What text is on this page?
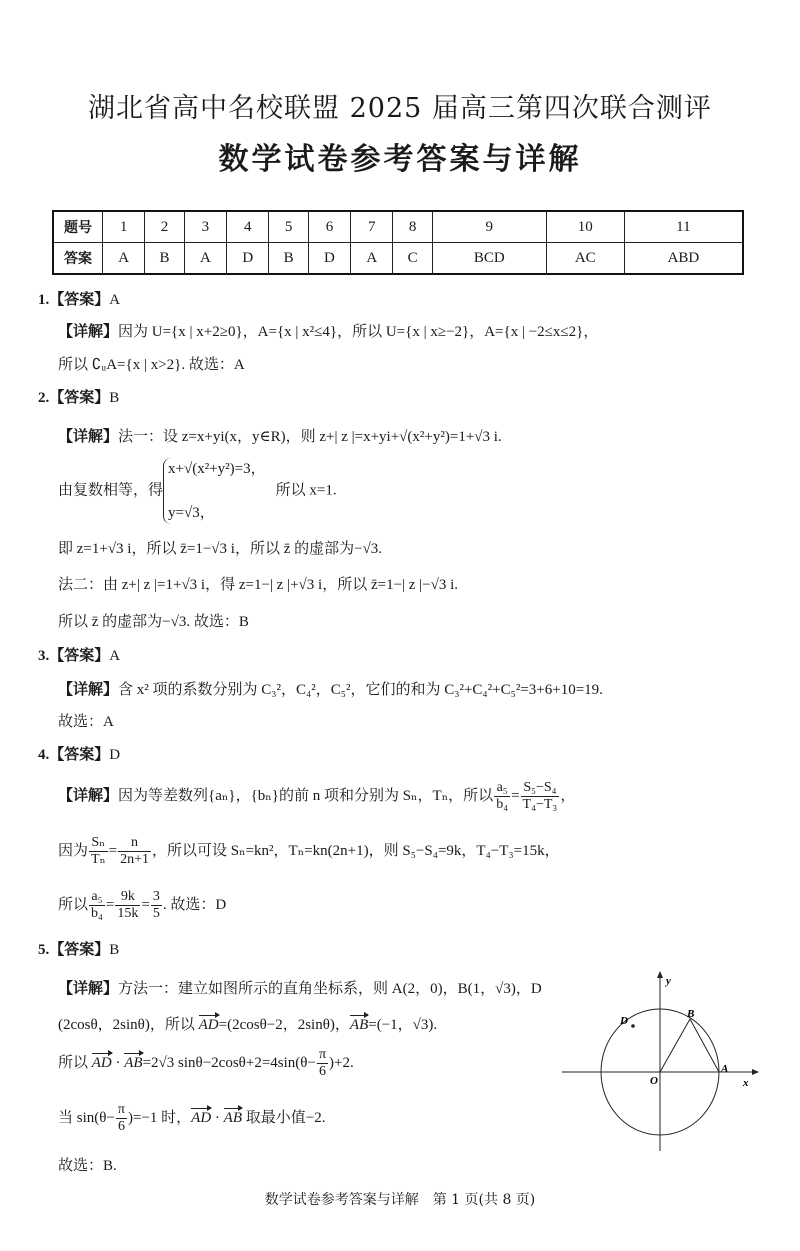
湖北省高中名校联盟 2025 届高三第四次联合测评
数学试卷参考答案与详解
题号	1	2	3	4	5	6	7	8	9	10	11
答案	A	B	A	D	B	D	A	C	BCD	AC	ABD
1.【答案】A
【详解】因为 U={x | x+2≥0}，A={x | x²≤4}，所以 U={x | x≥−2}，A={x | −2≤x≤2}，
所以 ∁ᵤA={x | x>2}. 故选：A
2.【答案】B
【详解】法一：设 z=x+yi(x，y∈R)，则 z+| z |=x+yi+√(x²+y²)=1+√3 i.
由复数相等，得x+√(x²+y²)=3，

y=√3，所以 x=1.
即 z=1+√3 i，所以 z̄=1−√3 i，所以 z̄ 的虚部为−√3.
法二：由 z+| z |=1+√3 i，得 z=1−| z |+√3 i，所以 z̄=1−| z |−√3 i.
所以 z̄ 的虚部为−√3. 故选：B
3.【答案】A
【详解】含 x² 项的系数分别为 C₃²，C₄²，C₅²，它们的和为 C₃²+C₄²+C₅²=3+6+10=19.
故选：A
4.【答案】D
【详解】因为等差数列{aₙ}，{bₙ}的前 n 项和分别为 Sₙ，Tₙ，所以 $\frac{\text{a₅}}{\text{b₄}} = \frac{\text{S₅−S₄}}{\text{T₄−T₃}}$ ，
因为 $\frac{\text{Sₙ}}{\text{Tₙ}} = \frac{n}{2n+1}$ ，所以可设 Sₙ=kn²，Tₙ=kn(2n+1)，则 S₅−S₄=9k，T₄−T₃=15k，
所以 $\frac{\text{a₅}}{\text{b₄}} = \frac{9k}{15k} = \frac{3}{5}$ . 故选：D
5.【答案】B
【详解】方法一：建立如图所示的直角坐标系，则 A(2，0)，B(1，√3)，D
(2cosθ，2sinθ)，所以 AD=(2cosθ−2，2sinθ)，AB=(−1，√3).
所以 AD · AB=2√3 $\sin\theta-2\cos\theta+2=4\sin(\theta- \frac{\pi}{6} )+2$.
当 $\sin(\theta- \frac{\pi}{6} )=-1$ 时，AD · AB 取最小值−2.
故选：B.
y
x
O
A
B
D
数学试卷参考答案与详解　第 1 页(共 8 页)
